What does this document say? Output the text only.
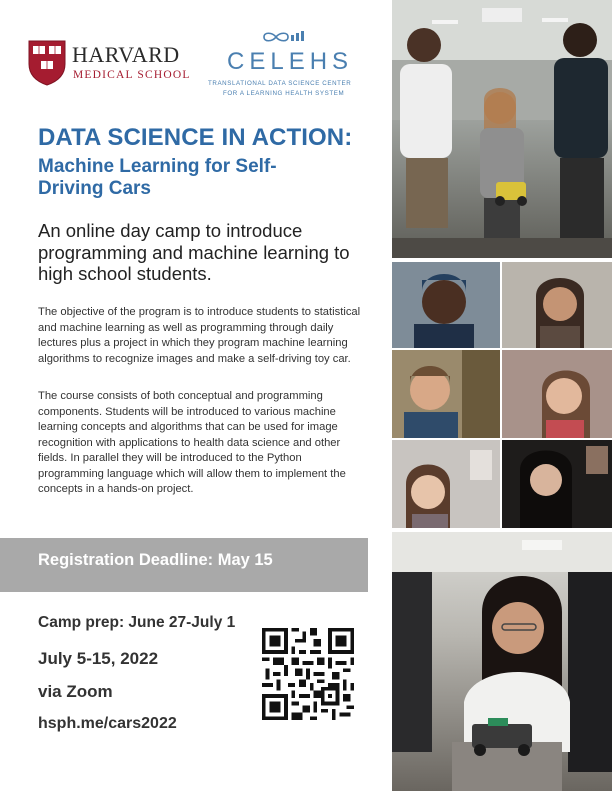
HARVARD
MEDICAL SCHOOL CELEHS
TRANSLATIONAL DATA SCIENCE CENTER
FOR A LEARNING HEALTH SYSTEM
DATA SCIENCE IN ACTION:
Machine Learning for Self-Driving Cars
An online day camp to introduce programming and machine learning to high school students.
The objective of the program is to introduce students to statistical and machine learning as well as programming through daily lectures plus a project in which they program machine learning algorithms to recognize images and make a self-driving toy car.
The course consists of both conceptual and programming components. Students will be introduced to various machine learning concepts and algorithms that can be used for image recognition with applications to health data science and other fields. In parallel they will be introduced to the Python programming language which will allow them to implement the concepts in a hands-on project.
Registration Deadline: May 15
Camp prep: June 27-July 1
July 5-15, 2022
via Zoom
hsph.me/cars2022
